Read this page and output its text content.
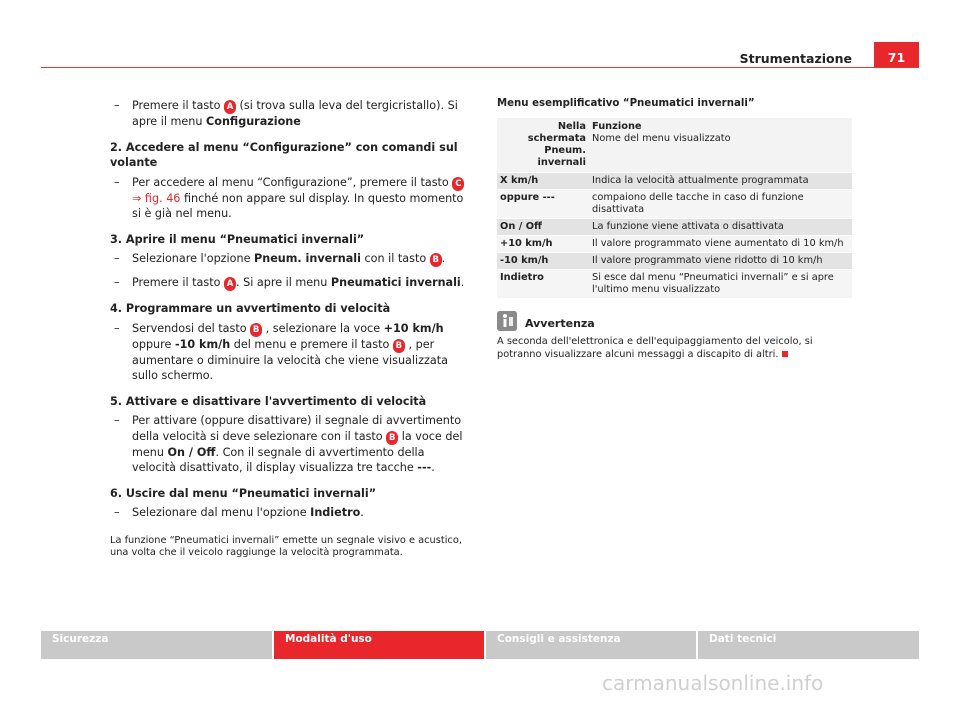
Strumentazione	71
– Premere il tasto A (si trova sulla leva del tergicristallo). Si apre il menu Configurazione
2. Accedere al menu “Configurazione” con comandi sul volante
– Per accedere al menu “Configurazione”, premere il tasto C
⇒ fig. 46 finché non appare sul display. In questo momento si è già nel menu.
3. Aprire il menu “Pneumatici invernali”
– Selezionare l'opzione Pneum. invernali con il tasto B .
– Premere il tasto A . Si apre il menu Pneumatici invernali.
4. Programmare un avvertimento di velocità
– Servendosi del tasto B , selezionare la voce +10 km/h oppure -10 km/h del menu e premere il tasto B , per aumentare o diminuire la velocità che viene visualizzata sullo schermo.
5. Attivare e disattivare l'avvertimento di velocità
– Per attivare (oppure disattivare) il segnale di avvertimento della velocità si deve selezionare con il tasto B la voce del menu On / Off. Con il segnale di avvertimento della velocità disattivato, il display visualizza tre tacche ---.
6. Uscire dal menu “Pneumatici invernali”
– Selezionare dal menu l'opzione Indietro.
La funzione “Pneumatici invernali” emette un segnale visivo e acustico, una volta che il veicolo raggiunge la velocità programmata.
Menu esemplificativo “Pneumatici invernali”
Nella schermata
Pneum. invernali	Funzione
Nome del menu visualizzato
X km/h	Indica la velocità attualmente programmata
oppure ---	compaiono delle tacche in caso di funzione disattivata
On / Off	La funzione viene attivata o disattivata
+10 km/h	Il valore programmato viene aumentato di 10 km/h
-10 km/h	Il valore programmato viene ridotto di 10 km/h
Indietro	Si esce dal menu “Pneumatici invernali” e si apre l'ultimo menu visualizzato
Avvertenza
A seconda dell'elettronica e dell'equipaggiamento del veicolo, si potranno visualizzare alcuni messaggi a discapito di altri.
Sicurezza	Modalità d'uso	Consigli e assistenza	Dati tecnici
carmanualsonline.info
